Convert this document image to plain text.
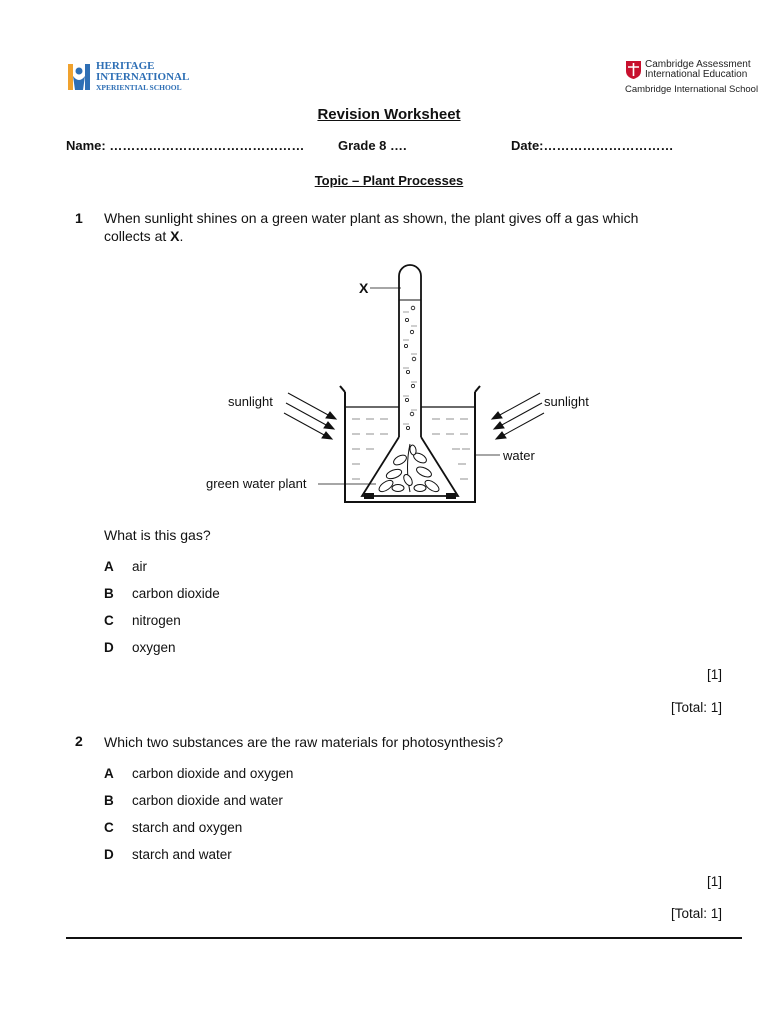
HERITAGE
INTERNATIONAL
XPERIENTIAL SCHOOL
Cambridge Assessment
International Education
Cambridge International School
Revision Worksheet
Name: ………………………………………	Grade 8 ….	Date:…………………………
Topic – Plant Processes
1 When sunlight shines on a green water plant as shown, the plant gives off a gas which
collects at X.
X
sunlight	sunlight
water
green water plant
What is this gas?
A air
B carbon dioxide
C nitrogen
D oxygen
[1]
[Total: 1]
2 Which two substances are the raw materials for photosynthesis?
A carbon dioxide and oxygen
B carbon dioxide and water
C starch and oxygen
D starch and water
[1]
[Total: 1]
